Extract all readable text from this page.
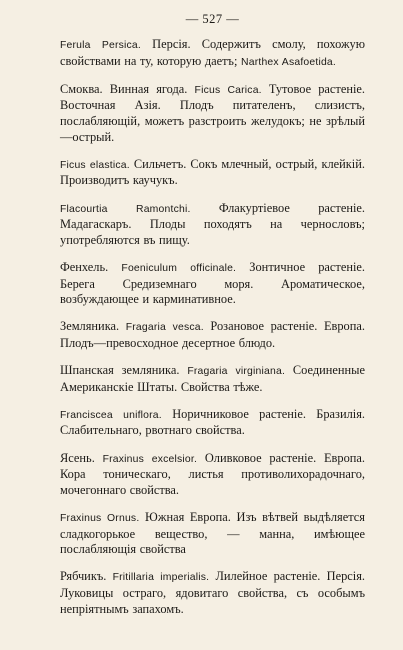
— 527 —

Ferula Persica. Персія. Содержитъ смолу, похожую свойствами на ту, которую даетъ; Narthex Asafoetida.

Смоква. Винная ягода. Ficus Carica. Тутовое растеніе. Восточная Азія. Плодъ питателенъ, слизистъ, послабляющій, можетъ разстроить желудокъ; не зрѣлый—острый.

Ficus elastica. Сильчетъ. Сокъ млечный, острый, клейкій. Производитъ каучукъ.

Flacourtia Ramontchi. Флакуртіевое растеніе. Мадагаскаръ. Плоды походятъ на чернословъ; употребляются въ пищу.

Фенхель. Foeniculum officinale. Зонтичное растеніе. Берега Средиземнаго моря. Ароматическое, возбуждающее и карминативное.

Земляника. Fragaria vesca. Розановое растеніе. Европа. Плодъ—превосходное десертное блюдо.

Шпанская земляника. Fragaria virginiana. Соединенные Американскіе Штаты. Свойства тѣже.

Franciscea uniflora. Норичниковое растеніе. Бразилія. Слабительнаго, рвотнаго свойства.

Ясень. Fraxinus excelsior. Оливковое растеніе. Европа. Кора тоническаго, листья противолихорадочнаго, мочегоннаго свойства.

Fraxinus Ornus. Южная Европа. Изъ вѣтвей выдѣляется сладкогорькое вещество, — манна, имѣющее послабляющія свойства

Рябчикъ. Fritillaria imperialis. Лилейное растеніе. Персія. Луковицы остраго, ядовитаго свойства, съ особымъ непріятнымъ запахомъ.
